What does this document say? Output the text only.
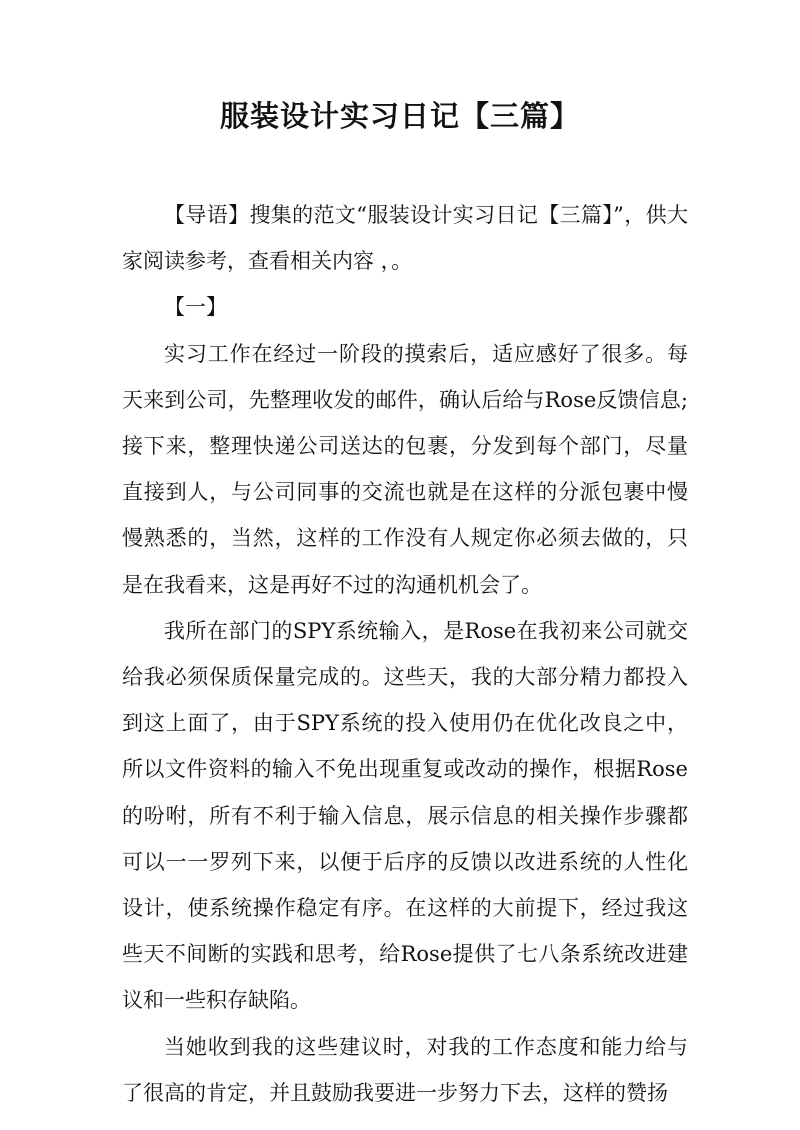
服装设计实习日记【三篇】

【导语】搜集的范文“服装设计实习日记【三篇】”，供大家阅读参考，查看相关内容 ，。

【一】

实习工作在经过一阶段的摸索后，适应感好了很多。每天来到公司，先整理收发的邮件，确认后给与Rose反馈信息;接下来，整理快递公司送达的包裹，分发到每个部门，尽量直接到人，与公司同事的交流也就是在这样的分派包裹中慢慢熟悉的，当然，这样的工作没有人规定你必须去做的，只是在我看来，这是再好不过的沟通机机会了。

我所在部门的SPY系统输入，是Rose在我初来公司就交给我必须保质保量完成的。这些天，我的大部分精力都投入到这上面了，由于SPY系统的投入使用仍在优化改良之中，所以文件资料的输入不免出现重复或改动的操作，根据Rose的吩咐，所有不利于输入信息，展示信息的相关操作步骤都可以一一罗列下来，以便于后序的反馈以改进系统的人性化设计，使系统操作稳定有序。在这样的大前提下，经过我这些天不间断的实践和思考，给Rose提供了七八条系统改进建议和一些积存缺陷。

当她收到我的这些建议时，对我的工作态度和能力给与了很高的肯定，并且鼓励我要进一步努力下去，这样的赞扬
